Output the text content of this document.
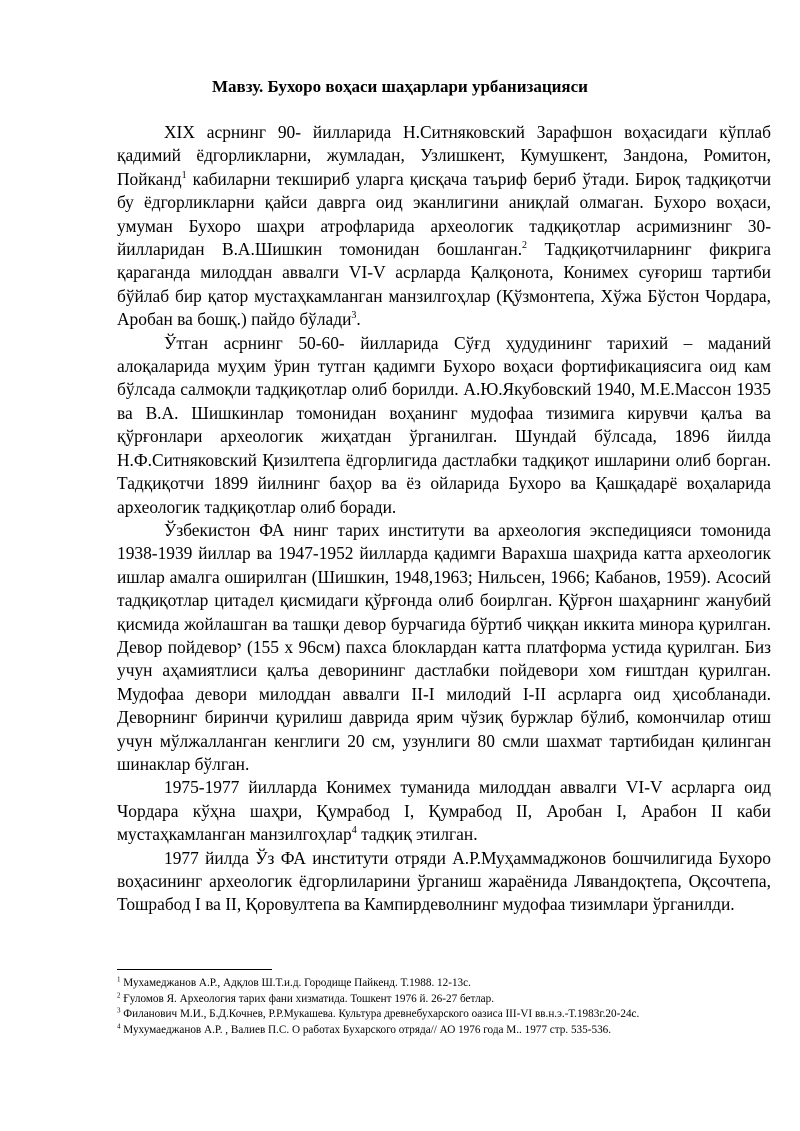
Мавзу. Бухоро воҳаси шаҳарлари урбанизацияси

XIX асрнинг 90- йилларида Н.Ситняковский Зарафшон воҳасидаги кўплаб қадимий ёдгорликларни, жумладан, Узлишкент, Кумушкент, Зандона, Ромитон, Пойканд$^1$ кабиларни текшириб уларга қисқача таъриф бериб ўтади. Бироқ тадқиқотчи бу ёдгорликларни қайси даврга оид эканлигини аниқлай олмаган. Бухоро воҳаси, умуман Бухоро шаҳри атрофларида археологик тадқиқотлар асримизнинг 30-йилларидан В.А.Шишкин томонидан бошланган.$^2$ Тадқиқотчиларнинг фикрига қараганда милоддан аввалги VI-V асрларда Қалқонота, Конимех суғориш тартиби бўйлаб бир қатор мустаҳкамланган манзилгоҳлар (Қўзмонтепа, Хўжа Бўстон Чордара, Аробан ва бошқ.) пайдо бўлади$^3$.

Ўтган асрнинг 50-60- йилларида Сўғд ҳудудининг тарихий – маданий алоқаларида муҳим ўрин тутган қадимги Бухоро воҳаси фортификациясига оид кам бўлсада салмоқли тадқиқотлар олиб борилди. А.Ю.Якубовский 1940, М.Е.Массон 1935 ва В.А. Шишкинлар томонидан воҳанинг мудофаа тизимига кирувчи қалъа ва қўрғонлари археологик жиҳатдан ўрганилган. Шундай бўлсада, 1896 йилда Н.Ф.Ситняковский Қизилтепа ёдгорлигида дастлабки тадқиқот ишларини олиб борган. Тадқиқотчи 1899 йилнинг баҳор ва ёз ойларида Бухоро ва Қашқадарё воҳаларида археологик тадқиқотлар олиб боради.

Ўзбекистон ФА нинг тарих институти ва археология экспедицияси томонида 1938-1939 йиллар ва 1947-1952 йилларда қадимги Варахша шаҳрида катта археологик ишлар амалга оширилган (Шишкин, 1948,1963; Нильсен, 1966; Кабанов, 1959). Асосий тадқиқотлар цитадел қисмидаги қўрғонда олиб боирлган. Қўрғон шаҳарнинг жанубий қисмида жойлашган ва ташқи девор бурчагида бўртиб чиққан иккита минора қурилган. Девор пойдеворי (155 х 96см) пахса блоклардан катта платформа устида қурилган. Биз учун аҳамиятлиси қалъа деворининг дастлабки пойдевори хом ғиштдан қурилган. Мудофаа девори милоддан аввалги II-I милодий I-II асрларга оид ҳисобланади. Деворнинг биринчи қурилиш даврида ярим чўзиқ буржлар бўлиб, комончилар отиш учун мўлжалланган кенглиги 20 см, узунлиги 80 смли шахмат тартибидан қилинган шинаклар бўлган.

1975-1977 йилларда Конимех туманида милоддан аввалги VI-V асрларга оид Чордара кўҳна шаҳри, Қумрабод I, Қумрабод II, Аробан I, Арабон II каби мустаҳкамланган манзилгоҳлар$^4$ тадқиқ этилган.

1977 йилда Ўз ФА институти отряди А.Р.Муҳаммаджонов бошчилигида Бухоро воҳасининг археологик ёдгорлиларини ўрганиш жараёнида Лявандоқтепа, Оқсочтепа, Тошрабод I ва II, Қоровултепа ва Кампирдеволнинг мудофаа тизимлари ўрганилди.

$^1$ Мухамеджанов А.Р., Адқлов Ш.Т.и.д. Городище Пайкенд. Т.1988. 12-13с.
$^2$ Ғуломов Я. Археология тарих фани хизматида. Тошкент 1976 й. 26-27 бетлар.
$^3$ Филанович М.И., Б.Д.Кочнев, Р.Р.Мукашева. Культура древнебухарского оазиса III-VI вв.н.э.-Т.1983г.20-24с.
$^4$ Мухумаеджанов А.Р. , Валиев П.С. О работах Бухарского отряда// АО 1976 года М.. 1977 стр. 535-536.
